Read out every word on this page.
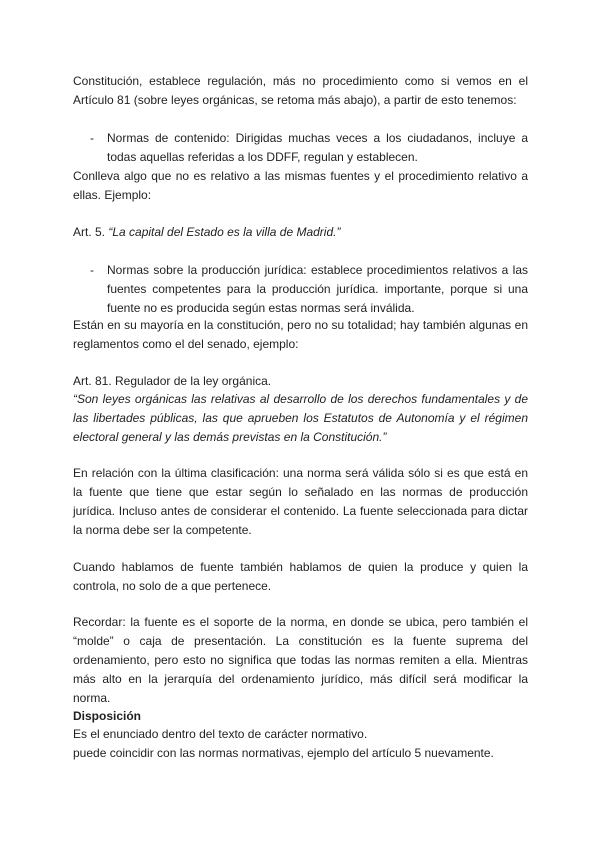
Constitución, establece regulación, más no procedimiento como si vemos en el Artículo 81 (sobre leyes orgánicas, se retoma más abajo), a partir de esto tenemos:

- Normas de contenido: Dirigidas muchas veces a los ciudadanos, incluye a todas aquellas referidas a los DDFF, regulan y establecen.

Conlleva algo que no es relativo a las mismas fuentes y el procedimiento relativo a ellas. Ejemplo:

Art. 5. “La capital del Estado es la villa de Madrid.”

- Normas sobre la producción jurídica: establece procedimientos relativos a las fuentes competentes para la producción jurídica. importante, porque si una fuente no es producida según estas normas será inválida.

Están en su mayoría en la constitución, pero no su totalidad; hay también algunas en reglamentos como el del senado, ejemplo:

Art. 81. Regulador de la ley orgánica.

“Son leyes orgánicas las relativas al desarrollo de los derechos fundamentales y de las libertades públicas, las que aprueben los Estatutos de Autonomía y el régimen electoral general y las demás previstas en la Constitución.”

En relación con la última clasificación: una norma será válida sólo si es que está en la fuente que tiene que estar según lo señalado en las normas de producción jurídica. Incluso antes de considerar el contenido. La fuente seleccionada para dictar la norma debe ser la competente.

Cuando hablamos de fuente también hablamos de quien la produce y quien la controla, no solo de a que pertenece.

Recordar: la fuente es el soporte de la norma, en donde se ubica, pero también el “molde” o caja de presentación. La constitución es la fuente suprema del ordenamiento, pero esto no significa que todas las normas remiten a ella. Mientras más alto en la jerarquía del ordenamiento jurídico, más difícil será modificar la norma.

Disposición

Es el enunciado dentro del texto de carácter normativo.

puede coincidir con las normas normativas, ejemplo del artículo 5 nuevamente.
